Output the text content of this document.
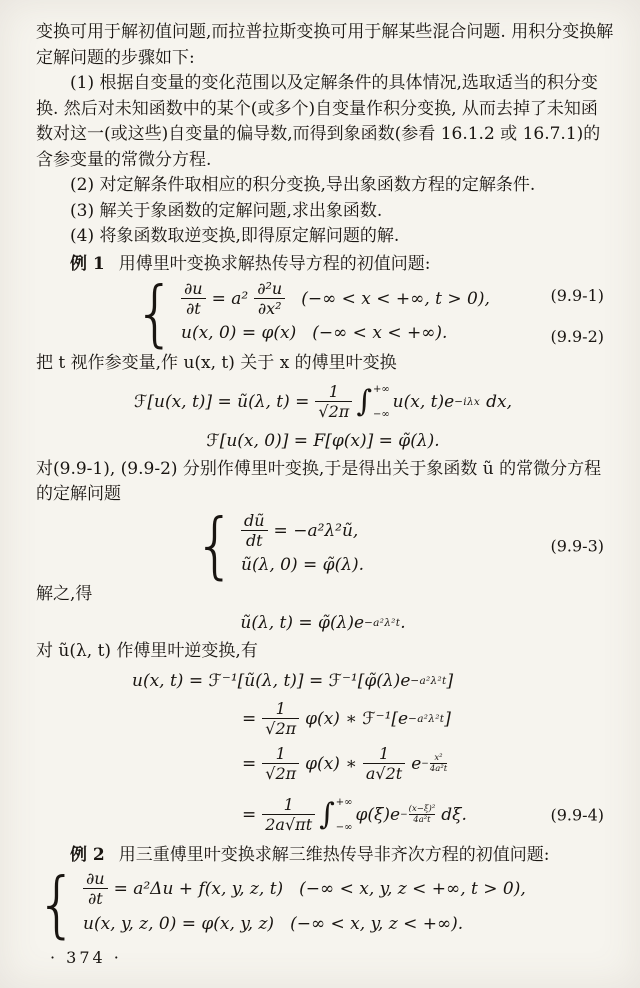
变换可用于解初值问题,而拉普拉斯变换可用于解某些混合问题. 用积分变换解
定解问题的步骤如下:
(1) 根据自变量的变化范围以及定解条件的具体情况,选取适当的积分变
换. 然后对未知函数中的某个(或多个)自变量作积分变换, 从而去掉了未知函
数对这一(或这些)自变量的偏导数,而得到象函数(参看 16.1.2 或 16.7.1)的
含参变量的常微分方程.
(2) 对定解条件取相应的积分变换,导出象函数方程的定解条件.
(3) 解关于象函数的定解问题,求出象函数.
(4) 将象函数取逆变换,即得原定解问题的解.
例 1 用傅里叶变换求解热传导方程的初值问题:
{ $\frac{\partial u}{\partial t} = a^2 \frac{\text{∂²u}}{\text{∂x²}}$ (−∞ < x < +∞, t > 0),
u(x, 0) = φ(x) (−∞ < x < +∞).
(9.9-1)
(9.9-2)
把 t 视作参变量,作 u(x, t) 关于 x 的傅里叶变换
ℱ[u(x, t)] = ũ(λ, $t) = \frac{1}{√2\pi}$ ∫ +∞
−∞
u(x, t)e −iλx dx,
ℱ[u(x, 0)] = F[φ(x)] = φ̃(λ).
对(9.9-1), (9.9-2) 分别作傅里叶变换,于是得出关于象函数 ũ 的常微分方程
的定解问题
{ $\frac{dũ}{dt}$ = −a²λ²ũ,
ũ(λ, 0) = φ̃(λ).
(9.9-3)
解之,得
ũ(λ, t) = φ̃(λ)e −a²λ²t .
对 ũ(λ, t) 作傅里叶逆变换,有
u(x, t) = ℱ⁻¹[ũ(λ, t)] = ℱ⁻¹[φ̃(λ)e −a²λ²t ]
= $\frac{1}{√2\pi} \varphi(x)$ ∗ ℱ⁻¹[e −a²λ²t ]
= $\frac{1}{√2\pi} \varphi(x)$ ∗ $\frac{1}{a√2t}$ $e - \frac{\text{x²}}{\text{4a²t}}$
= $\frac{1}{2a√\pi t}$ ∫ +∞
−∞
$\varphi(\xi)e - \frac{\text{(x−ξ)²}}{\text{4a²t}} d\xi$.	(9.9-4)
例 2 用三重傅里叶变换求解三维热传导非齐次方程的初值问题:
{ $\frac{\partial u}{\partial t} = a^2\Delta u + f(x$, y, z, t) (−∞ < x, y, z < +∞, t > 0),
u(x, y, z, 0) = φ(x, y, z) (−∞ < x, y, z < +∞).
· 374 ·
